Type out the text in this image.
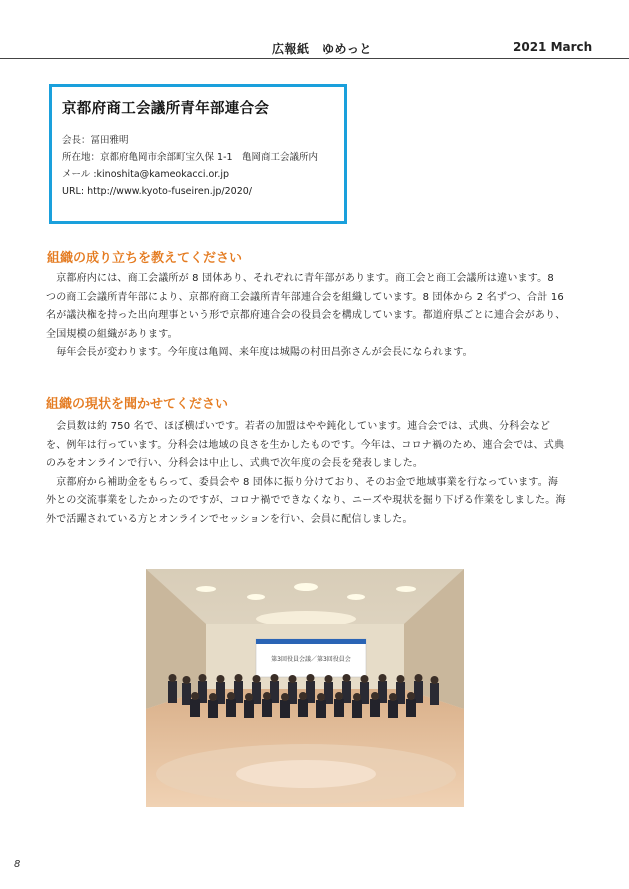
広報紙　ゆめっと	2021 March
京都府商工会議所青年部連合会
会長：冨田雅明
所在地：京都府亀岡市余部町宝久保 1-1　亀岡商工会議所内
メール :kinoshita@kameokacci.or.jp
URL: http://www.kyoto-fuseiren.jp/2020/
組織の成り立ちを教えてください

　京都府内には、商工会議所が 8 団体あり、それぞれに青年部があります。商工会と商工会議所は違います。8 つの商工会議所青年部により、京都府商工会議所青年部連合会を組織しています。8 団体から 2 名ずつ、合計 16 名が議決権を持った出向理事という形で京都府連合会の役員会を構成しています。都道府県ごとに連合会があり、全国規模の組織があります。

　毎年会長が変わります。今年度は亀岡、来年度は城陽の村田昌弥さんが会長になられます。

組織の現状を聞かせてください

　会員数は約 750 名で、ほぼ横ばいです。若者の加盟はやや鈍化しています。連合会では、式典、分科会などを、例年は行っています。分科会は地域の良さを生かしたものです。今年は、コロナ禍のため、連合会では、式典のみをオンラインで行い、分科会は中止し、式典で次年度の会長を発表しました。

　京都府から補助金をもらって、委員会や 8 団体に振り分けており、そのお金で地域事業を行なっています。海外との交流事業をしたかったのですが、コロナ禍でできなくなり、ニーズや現状を掘り下げる作業をしました。海外で活躍されている方とオンラインでセッションを行い、会員に配信しました。

第3回役員会議／第3回役員会
8
